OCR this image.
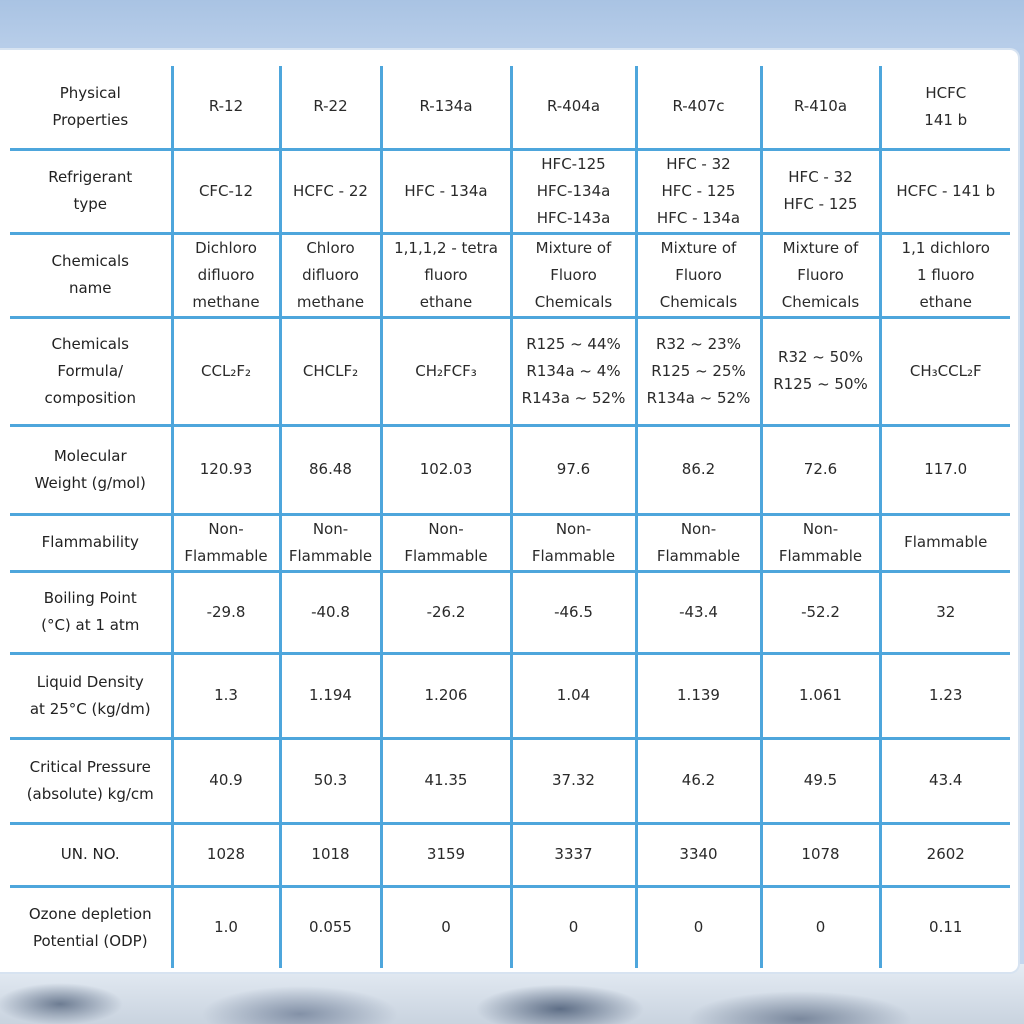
Physical
Properties	R-12	R-22	R-134a	R-404a	R-407c	R-410a	HCFC
141 b
Refrigerant
type	CFC-12	HCFC - 22	HFC - 134a	HFC-125
HFC-134a
HFC-143a	HFC - 32
HFC - 125
HFC - 134a	HFC - 32
HFC - 125	HCFC - 141 b
Chemicals
name	Dichloro
difluoro
methane	Chloro
difluoro
methane	1,1,1,2 - tetra
fluoro
ethane	Mixture of
Fluoro
Chemicals	Mixture of
Fluoro
Chemicals	Mixture of
Fluoro
Chemicals	1,1 dichloro
1 fluoro
ethane
Chemicals
Formula/
composition	CCL₂F₂	CHCLF₂	CH₂FCF₃	R125 ~ 44%
R134a ~ 4%
R143a ~ 52%	R32 ~ 23%
R125 ~ 25%
R134a ~ 52%	R32 ~ 50%
R125 ~ 50%	CH₃CCL₂F
Molecular
Weight (g/mol)	120.93	86.48	102.03	97.6	86.2	72.6	117.0
Flammability	Non-
Flammable	Non-
Flammable	Non-
Flammable	Non-
Flammable	Non-
Flammable	Non-
Flammable	Flammable
Boiling Point
(°C) at 1 atm	-29.8	-40.8	-26.2	-46.5	-43.4	-52.2	32
Liquid Density
at 25°C (kg/dm)	1.3	1.194	1.206	1.04	1.139	1.061	1.23
Critical Pressure
(absolute) kg/cm	40.9	50.3	41.35	37.32	46.2	49.5	43.4
UN. NO.	1028	1018	3159	3337	3340	1078	2602
Ozone depletion
Potential (ODP)	1.0	0.055	0	0	0	0	0.11
